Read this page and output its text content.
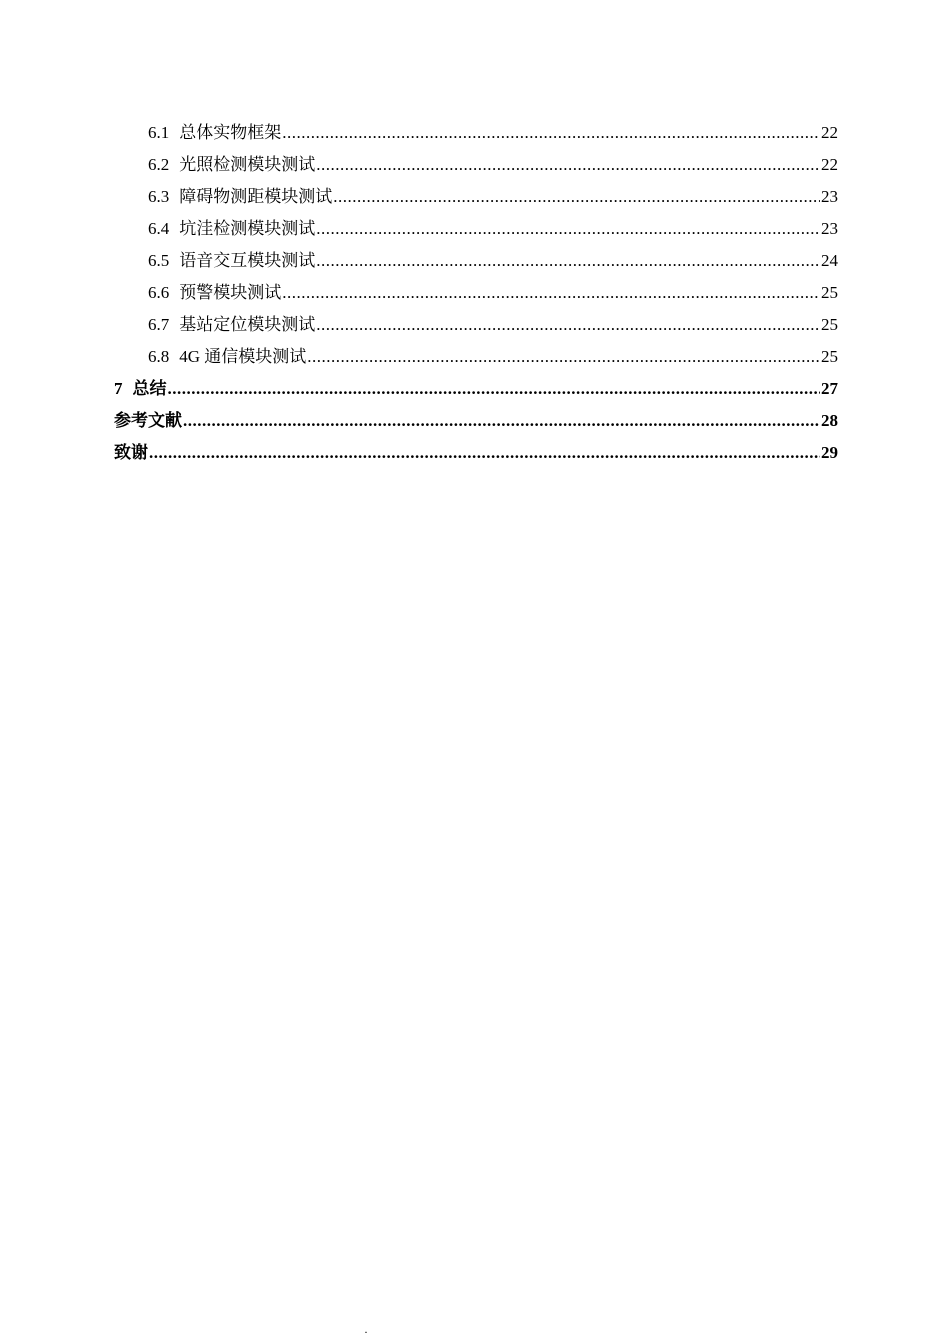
6.1 总体实物框架 .....	22
6.2 光照检测模块测试 .....	22
6.3 障碍物测距模块测试 .....	23
6.4 坑洼检测模块测试 .....	23
6.5 语音交互模块测试 .....	24
6.6 预警模块测试 .....	25
6.7 基站定位模块测试 .....	25
6.8 4G 通信模块测试 .....	25
7 总结 .....	27
参考文献 .....	28
致谢 .....	29
·
